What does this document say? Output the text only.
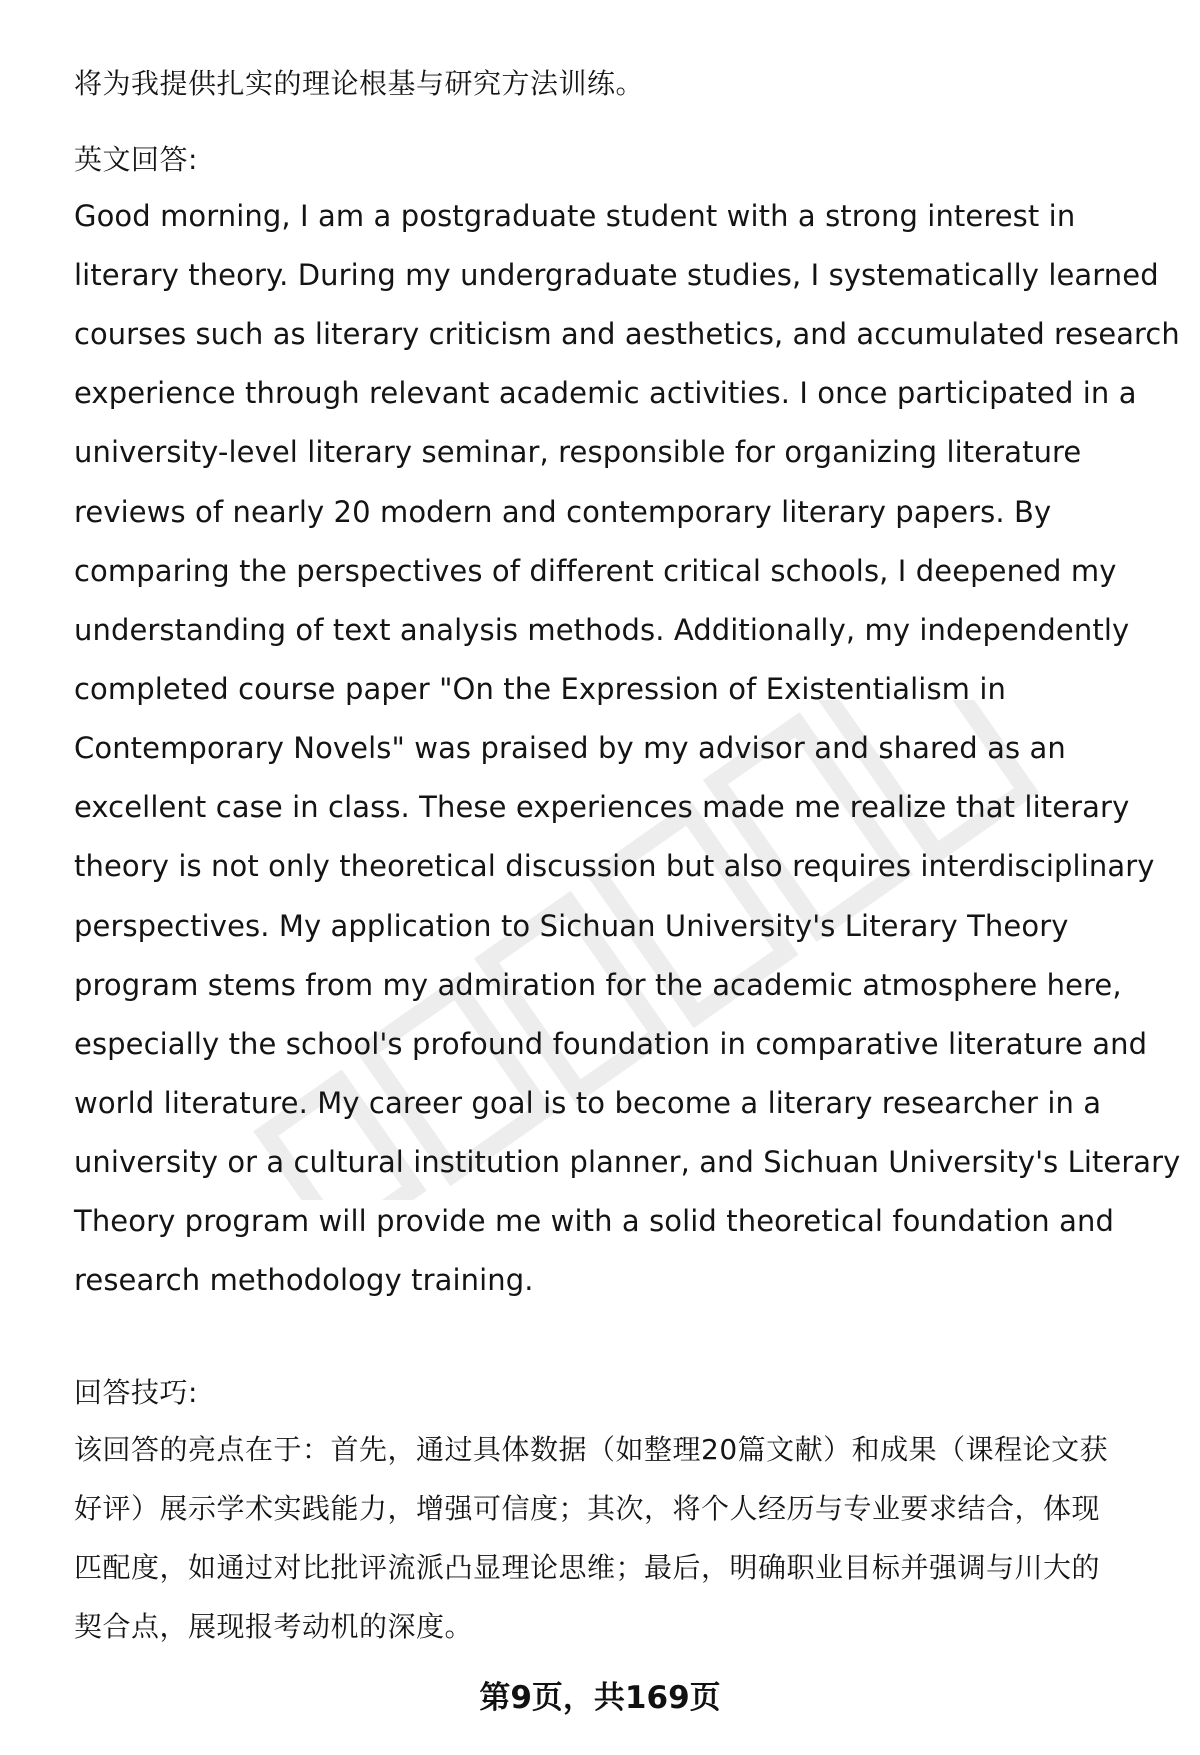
将为我提供扎实的理论根基与研究方法训练。
英文回答:
Good morning, I am a postgraduate student with a strong interest in
literary theory. During my undergraduate studies, I systematically learned
courses such as literary criticism and aesthetics, and accumulated research
experience through relevant academic activities. I once participated in a
university-level literary seminar, responsible for organizing literature
reviews of nearly 20 modern and contemporary literary papers. By
comparing the perspectives of different critical schools, I deepened my
understanding of text analysis methods. Additionally, my independently
completed course paper "On the Expression of Existentialism in
Contemporary Novels" was praised by my advisor and shared as an
excellent case in class. These experiences made me realize that literary
theory is not only theoretical discussion but also requires interdisciplinary
perspectives. My application to Sichuan University's Literary Theory
program stems from my admiration for the academic atmosphere here,
especially the school's profound foundation in comparative literature and
world literature. My career goal is to become a literary researcher in a
university or a cultural institution planner, and Sichuan University's Literary
Theory program will provide me with a solid theoretical foundation and
research methodology training.
回答技巧:
该回答的亮点在于：首先，通过具体数据（如整理20篇文献）和成果（课程论文获
好评）展示学术实践能力，增强可信度；其次，将个人经历与专业要求结合，体现
匹配度，如通过对比批评流派凸显理论思维；最后，明确职业目标并强调与川大的
契合点，展现报考动机的深度。
第9页，共169页
